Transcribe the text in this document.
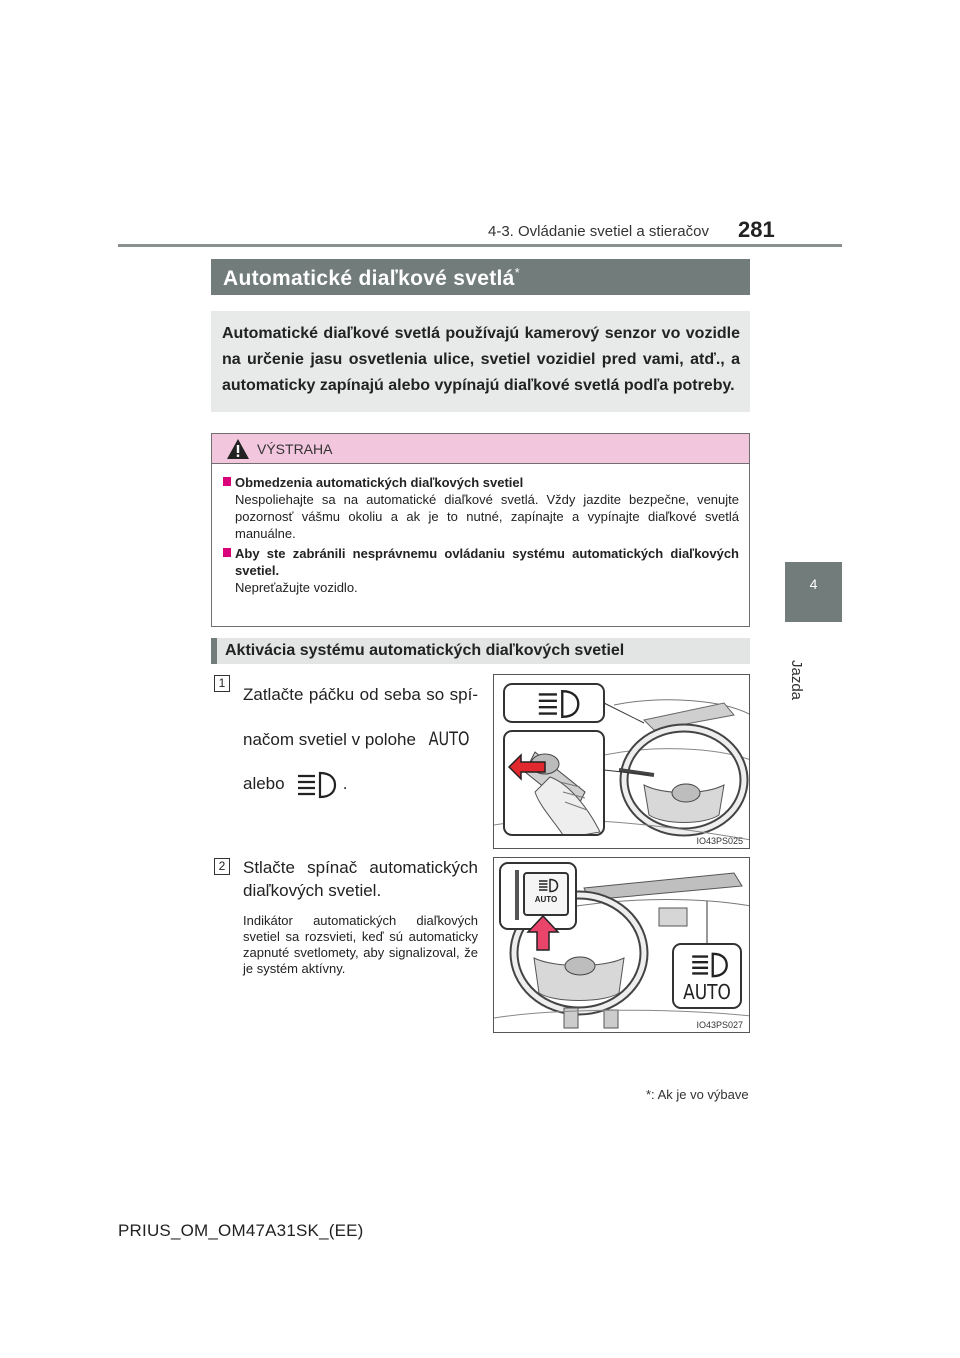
4-3. Ovládanie svetiel a stieračov 281
4
Jazda
Automatické diaľkové svetlá*
Automatické diaľkové svetlá používajú kamerový senzor vo vozidle na určenie jasu osvetlenia ulice, svetiel vozidiel pred vami, atď., a automaticky zapínajú alebo vypínajú diaľkové svetlá podľa potreby.
VÝSTRAHA
Obmedzenia automatických diaľkových svetiel
Nespoliehajte sa na automatické diaľkové svetlá. Vždy jazdite bezpečne, venujte pozornosť vášmu okoliu a ak je to nutné, zapínajte a vypínajte diaľkové svetlá manuálne.
Aby ste zabránili nesprávnemu ovládaniu systému automatických diaľkových svetiel.
Nepreťažujte vozidlo.
Aktivácia systému automatických diaľkových svetiel
1
Zatlačte páčku od seba so spí-
načom svetiel v polohe AUTO
alebo	.
IO43PS025
2 Stlačte spínač automatických diaľkových svetiel.
Indikátor automatických diaľkových svetiel sa rozsvieti, keď sú automaticky zapnuté svetlomety, aby signalizoval, že je systém aktívny.
AUTO
AUTO
IO43PS027
*: Ak je vo výbave
PRIUS_OM_OM47A31SK_(EE)
